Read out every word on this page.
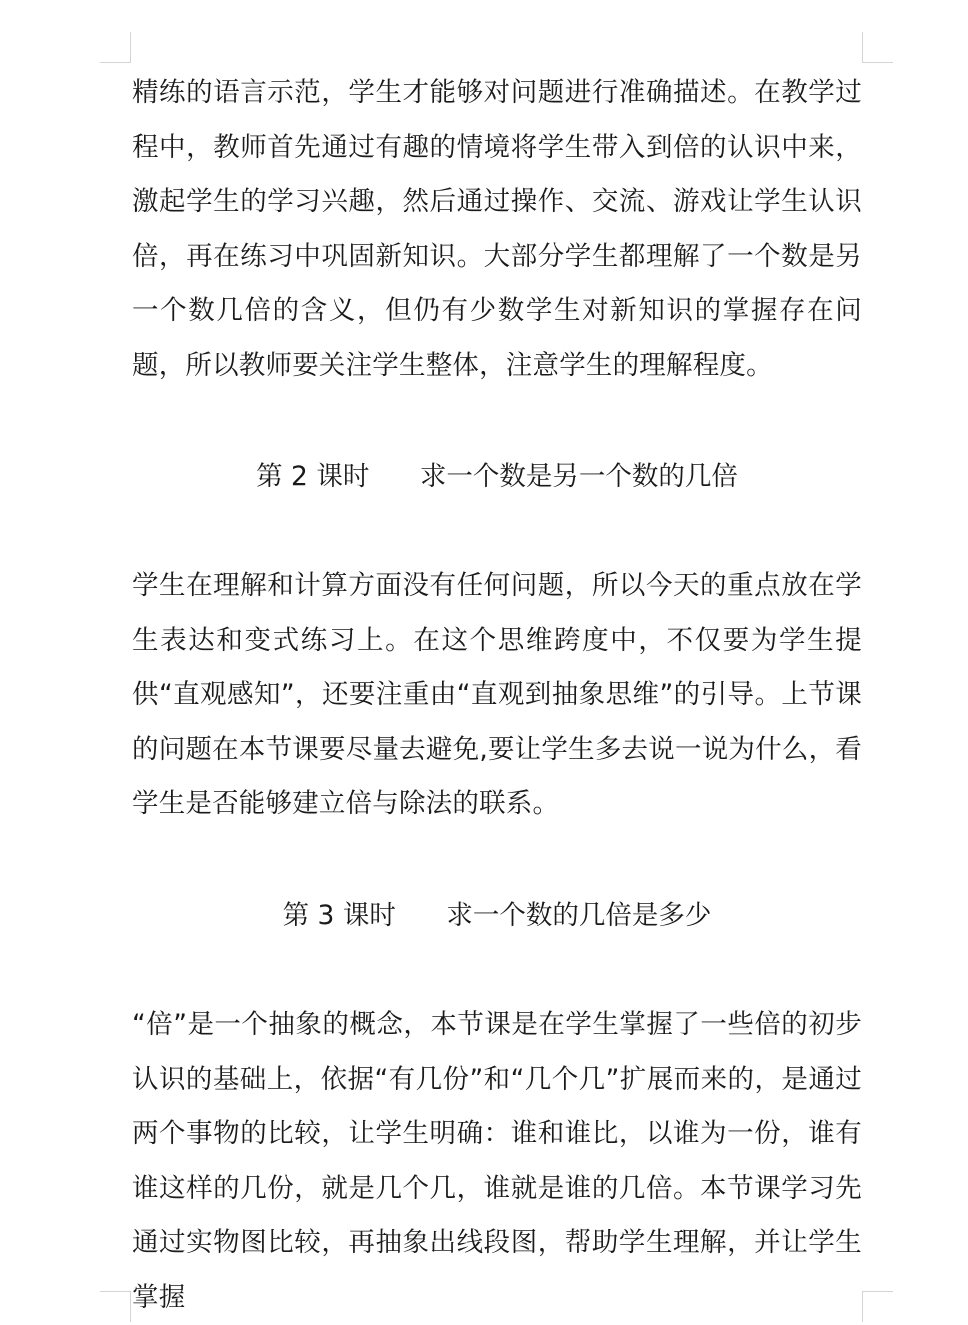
精练的语言示范，学生才能够对问题进行准确描述。在教学过程中，教师首先通过有趣的情境将学生带入到倍的认识中来，激起学生的学习兴趣，然后通过操作、交流、游戏让学生认识倍，再在练习中巩固新知识。大部分学生都理解了一个数是另一个数几倍的含义，但仍有少数学生对新知识的掌握存在问题，所以教师要关注学生整体，注意学生的理解程度。

第 2 课时      求一个数是另一个数的几倍

学生在理解和计算方面没有任何问题，所以今天的重点放在学生表达和变式练习上。在这个思维跨度中，不仅要为学生提供“直观感知”，还要注重由“直观到抽象思维”的引导。上节课的问题在本节课要尽量去避免,要让学生多去说一说为什么，看学生是否能够建立倍与除法的联系。

第 3 课时      求一个数的几倍是多少

“倍”是一个抽象的概念，本节课是在学生掌握了一些倍的初步认识的基础上，依据“有几份”和“几个几”扩展而来的，是通过两个事物的比较，让学生明确：谁和谁比，以谁为一份，谁有谁这样的几份，就是几个几，谁就是谁的几倍。本节课学习先通过实物图比较，再抽象出线段图，帮助学生理解，并让学生掌握
